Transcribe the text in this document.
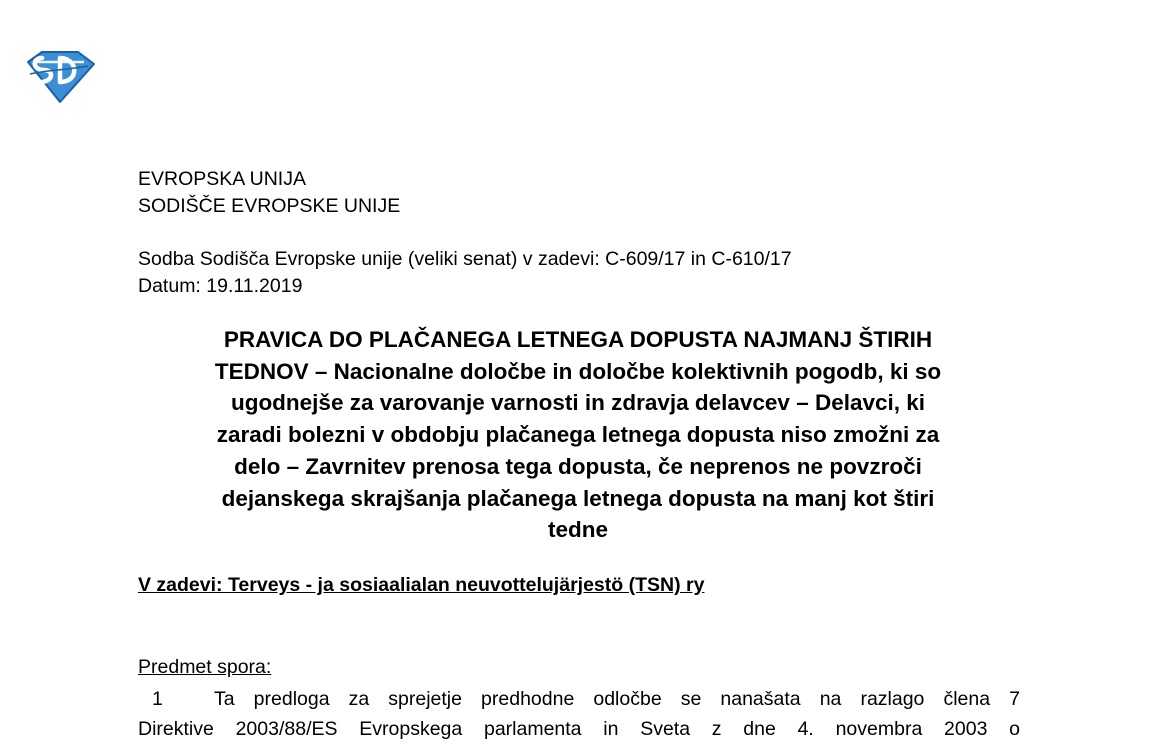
EVROPSKA UNIJA
SODIŠČE EVROPSKE UNIJE
Sodba Sodišča Evropske unije (veliki senat) v zadevi: C-609/17 in C-610/17
Datum: 19.11.2019
PRAVICA DO PLAČANEGA LETNEGA DOPUSTA NAJMANJ ŠTIRIH
TEDNOV – Nacionalne določbe in določbe kolektivnih pogodb, ki so
ugodnejše za varovanje varnosti in zdravja delavcev – Delavci, ki
zaradi bolezni v obdobju plačanega letnega dopusta niso zmožni za
delo – Zavrnitev prenosa tega dopusta, če neprenos ne povzroči
dejanskega skrajšanja plačanega letnega dopusta na manj kot štiri
tedne
V zadevi: Terveys - ja sosiaalialan neuvottelujärjestö (TSN) ry
Predmet spora:
1	Ta predloga za sprejetje predhodne odločbe se nanašata na razlago člena 7
Direktive 2003/88/ES Evropskega parlamenta in Sveta z dne 4. novembra 2003 o
